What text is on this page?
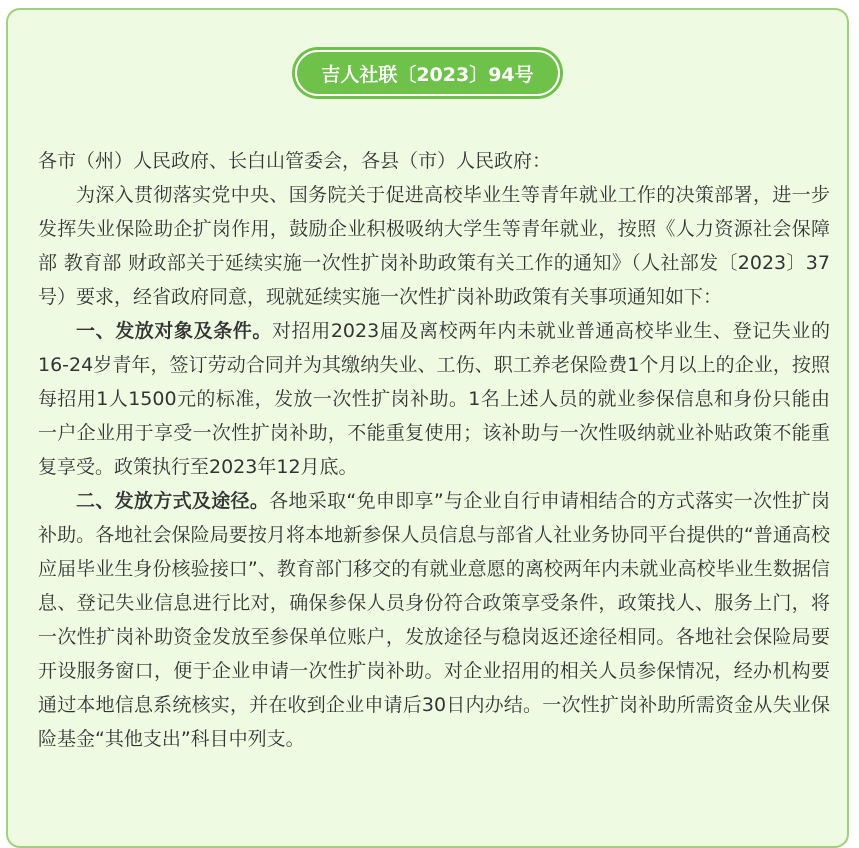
吉人社联〔2023〕94号

各市（州）人民政府、长白山管委会，各县（市）人民政府：

为深入贯彻落实党中央、国务院关于促进高校毕业生等青年就业工作的决策部署，进一步发挥失业保险助企扩岗作用，鼓励企业积极吸纳大学生等青年就业，按照《人力资源社会保障部 教育部 财政部关于延续实施一次性扩岗补助政策有关工作的通知》（人社部发〔2023〕37号）要求，经省政府同意，现就延续实施一次性扩岗补助政策有关事项通知如下：

一、发放对象及条件。对招用2023届及离校两年内未就业普通高校毕业生、登记失业的16-24岁青年，签订劳动合同并为其缴纳失业、工伤、职工养老保险费1个月以上的企业，按照每招用1人1500元的标准，发放一次性扩岗补助。1名上述人员的就业参保信息和身份只能由一户企业用于享受一次性扩岗补助，不能重复使用；该补助与一次性吸纳就业补贴政策不能重复享受。政策执行至2023年12月底。

二、发放方式及途径。各地采取“免申即享”与企业自行申请相结合的方式落实一次性扩岗补助。各地社会保险局要按月将本地新参保人员信息与部省人社业务协同平台提供的“普通高校应届毕业生身份核验接口”、教育部门移交的有就业意愿的离校两年内未就业高校毕业生数据信息、登记失业信息进行比对，确保参保人员身份符合政策享受条件，政策找人、服务上门，将一次性扩岗补助资金发放至参保单位账户，发放途径与稳岗返还途径相同。各地社会保险局要开设服务窗口，便于企业申请一次性扩岗补助。对企业招用的相关人员参保情况，经办机构要通过本地信息系统核实，并在收到企业申请后30日内办结。一次性扩岗补助所需资金从失业保险基金“其他支出”科目中列支。
